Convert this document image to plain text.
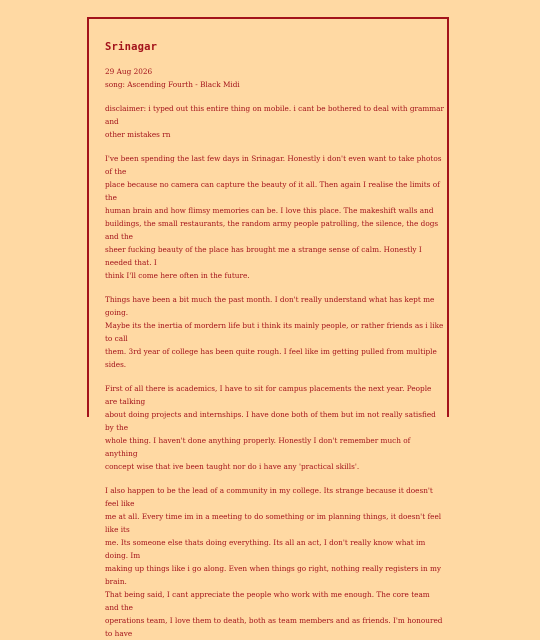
Srinagar

29 Aug 2026

song: Ascending Fourth - Black Midi

disclaimer: i typed out this entire thing on mobile. i cant be bothered to deal with grammar and
other mistakes rn

I've been spending the last few days in Srinagar. Honestly i don't even want to take photos of the
place because no camera can capture the beauty of it all. Then again I realise the limits of the
human brain and how flimsy memories can be. I love this place. The makeshift walls and
buildings, the small restaurants, the random army people patrolling, the silence, the dogs and the
sheer fucking beauty of the place has brought me a strange sense of calm. Honestly I needed that. I
think I'll come here often in the future.

Things have been a bit much the past month. I don't really understand what has kept me going.
Maybe its the inertia of mordern life but i think its mainly people, or rather friends as i like to call
them. 3rd year of college has been quite rough. I feel like im getting pulled from multiple sides.

First of all there is academics, I have to sit for campus placements the next year. People are talking
about doing projects and internships. I have done both of them but im not really satisfied by the
whole thing. I haven't done anything properly. Honestly I don't remember much of anything
concept wise that ive been taught nor do i have any 'practical skills'.

I also happen to be the lead of a community in my college. Its strange because it doesn't feel like
me at all. Every time im in a meeting to do something or im planning things, it doesn't feel like its
me. Its someone else thats doing everything. Its all an act, I don't really know what im doing. Im
making up things like i go along. Even when things go right, nothing really registers in my brain.
That being said, I cant appreciate the people who work with me enough. The core team and the
operations team, I love them to death, both as team members and as friends. I'm honoured to have
